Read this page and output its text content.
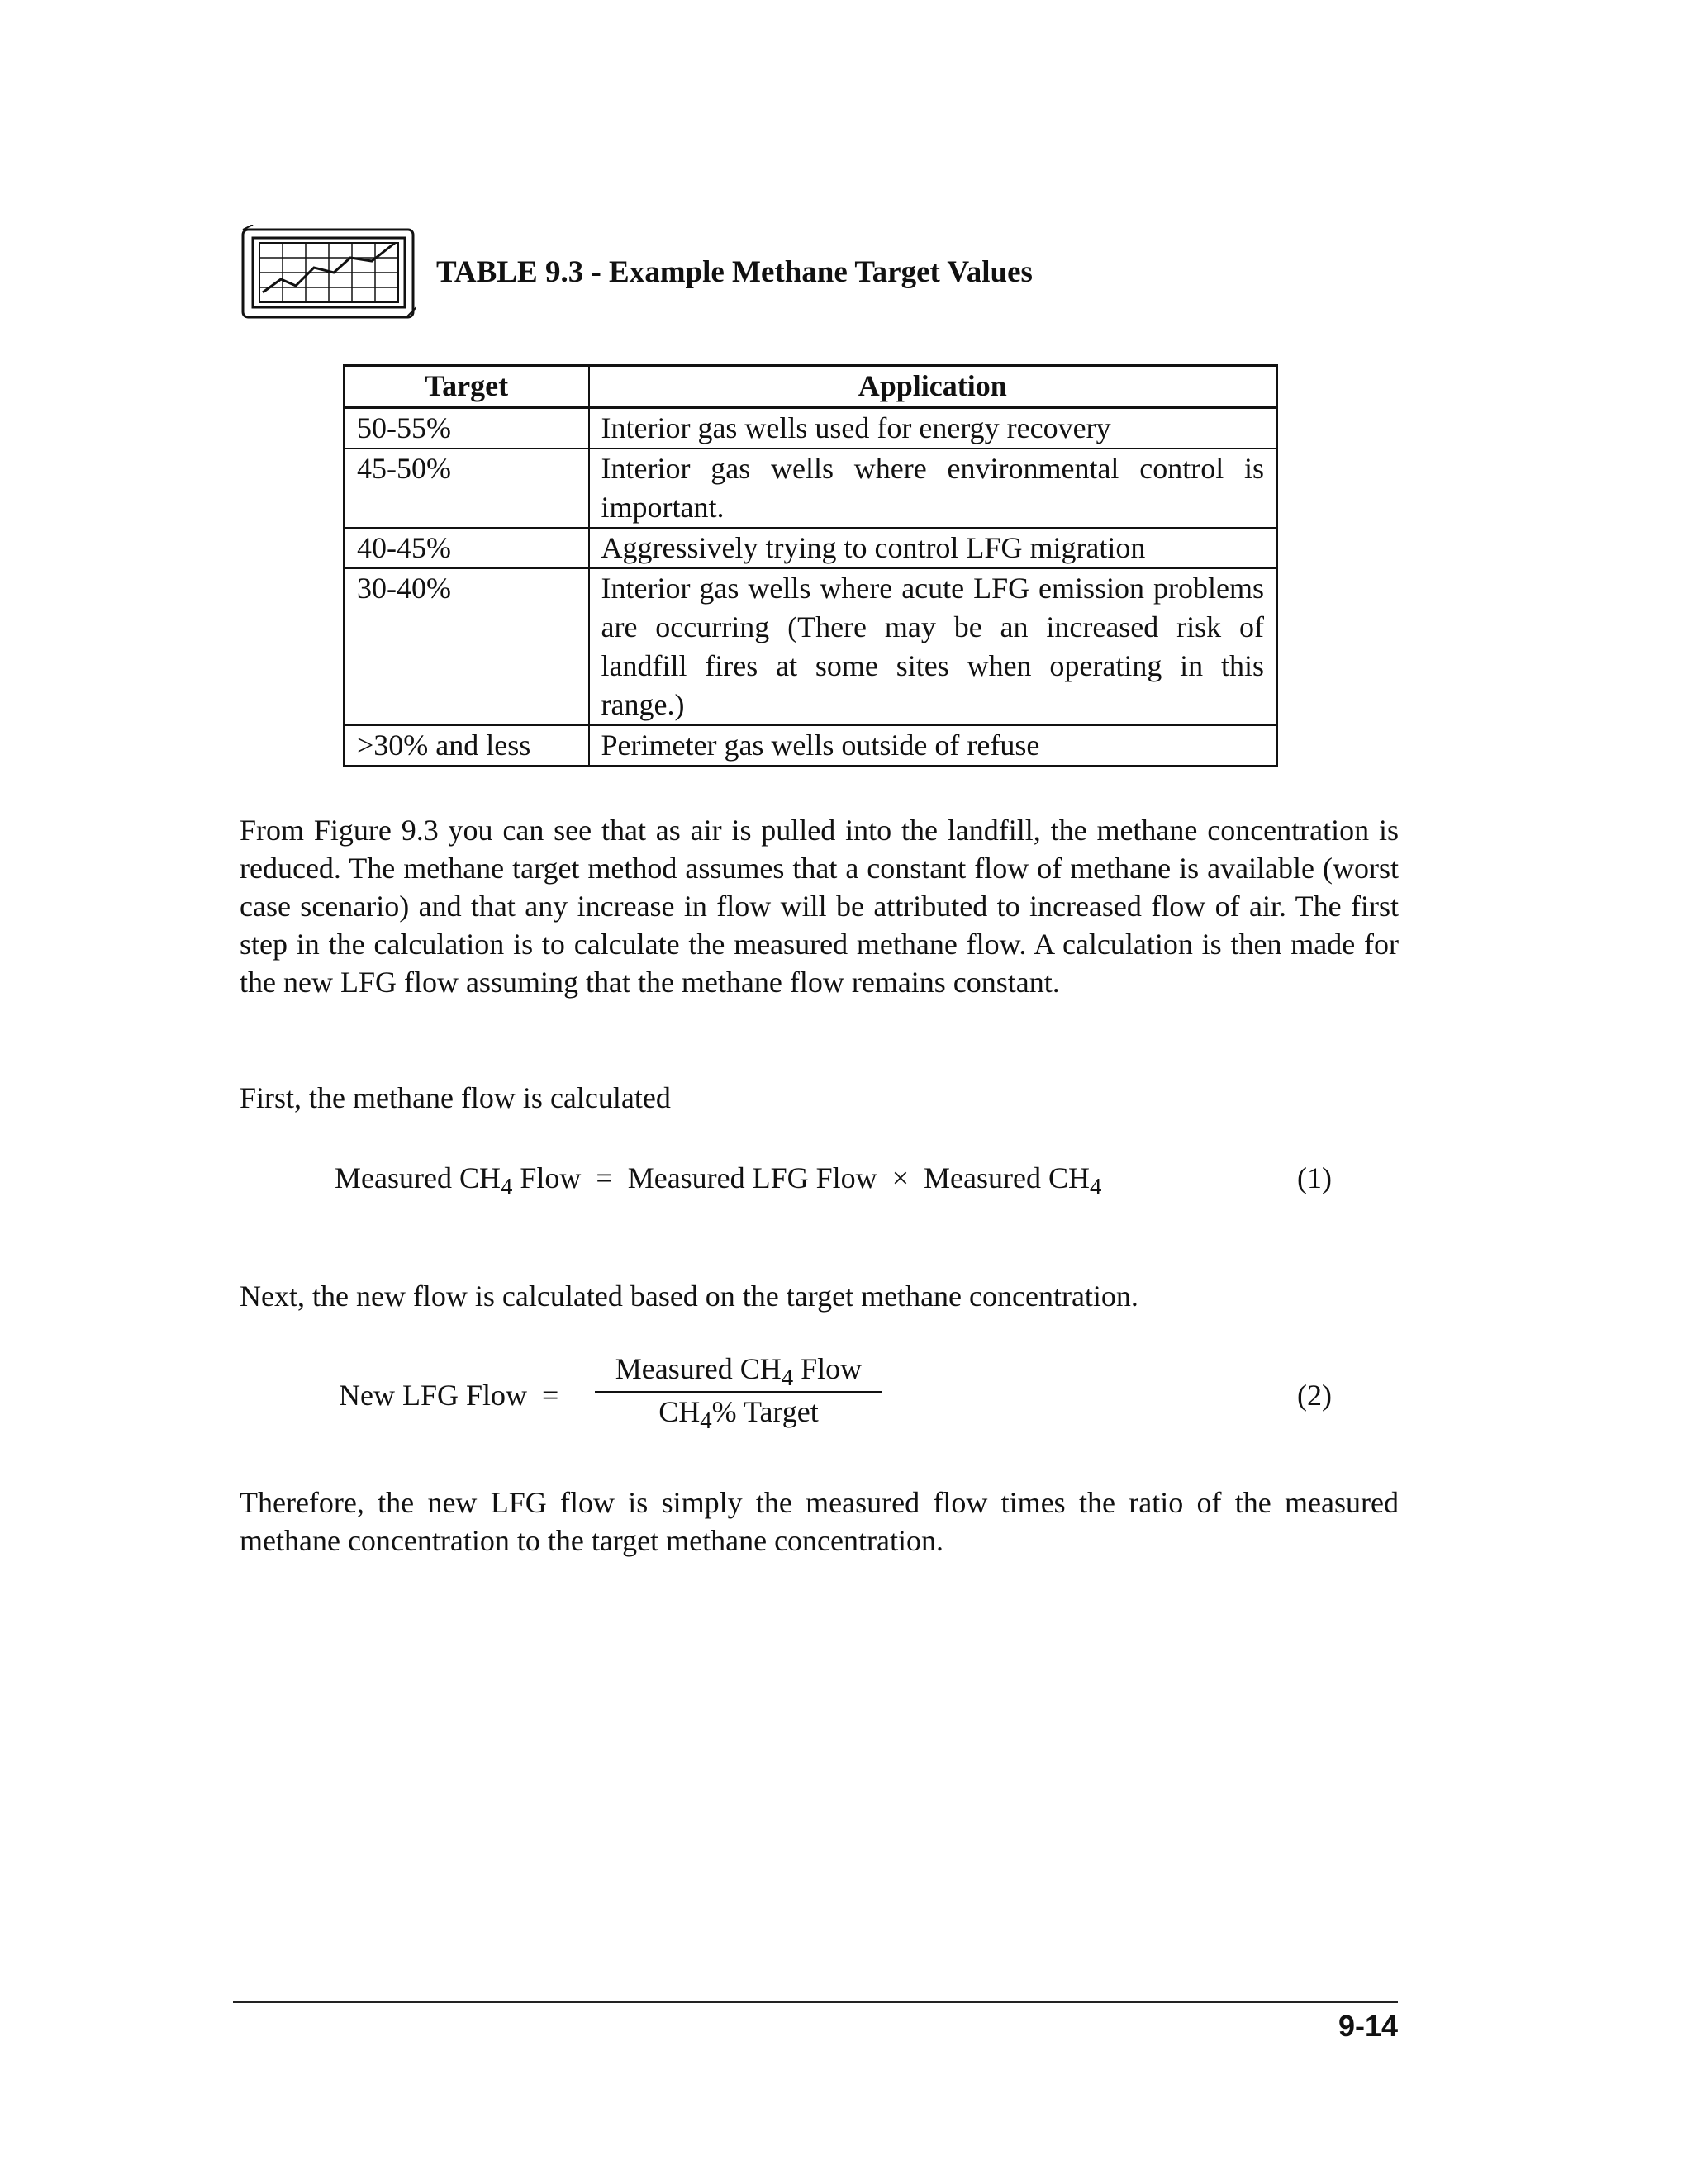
TABLE 9.3 - Example Methane Target Values
Target	Application
50-55%	Interior gas wells used for energy recovery
45-50%	Interior gas wells where environmental control is important.
40-45%	Aggressively trying to control LFG migration
30-40%	Interior gas wells where acute LFG emission problems are occurring (There may be an increased risk of landfill fires at some sites when operating in this range.)
>30% and less	Perimeter gas wells outside of refuse

From Figure 9.3 you can see that as air is pulled into the landfill, the methane concentration is reduced. The methane target method assumes that a constant flow of methane is available (worst case scenario) and that any increase in flow will be attributed to increased flow of air. The first step in the calculation is to calculate the measured methane flow. A calculation is then made for the new LFG flow assuming that the methane flow remains constant.

First, the methane flow is calculated

Measured $CH_4$ Flow = Measured LFG Flow × Measured $CH_4$	(1)

Next, the new flow is calculated based on the target methane concentration.

New LFG Flow =
Measured $CH_4$ Flow
$CH_4\%$ Target	(2)

Therefore, the new LFG flow is simply the measured flow times the ratio of the measured methane concentration to the target methane concentration.

9-14
